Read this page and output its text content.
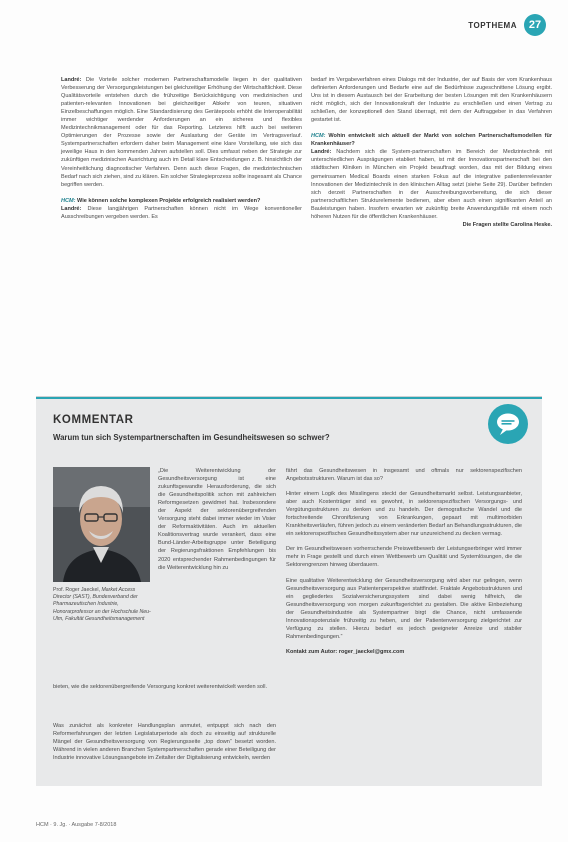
TOPTHEMA	27

Landré: Die Vorteile solcher modernen Partnerschaftsmodelle liegen in der qualitativen Verbesserung der Versorgungsleistungen bei gleichzeitiger Erhöhung der Wirtschaftlichkeit. Diese Qualitätsvorteile entstehen durch die frühzeitige Berücksichtigung von medizinischen und patienten-relevanten Innovationen bei gleichzeitiger Abkehr von teuren, situativen Einzelbeschaffungen möglich. Eine Standardisierung des Gerätepools erhöht die Interoperabilität immer wichtiger werdender Anforderungen an ein sicheres und flexibles Medizintechnikmanagement oder für das Reporting. Letzteres hilft auch bei weiteren Optimierungen der Prozesse sowie der Auslastung der Geräte im Vertragsverlauf. Systempartnerschaften erfordern daher beim Management eine klare Vorstellung, wie sich das jeweilige Haus in den kommenden Jahren aufstellen soll. Dies umfasst neben der Strategie zur zukünftigen medizinischen Ausrichtung auch im Detail klare Entscheidungen z. B. hinsichtlich der Vereinheitlichung diagnostischer Verfahren. Denn auch diese Fragen, die medizintechnischen Bedarf nach sich ziehen, sind zu klären. Ein solcher Strategieprozess sollte insgesamt als Chance begriffen werden.

HCM: Wie können solche komplexen Projekte erfolgreich realisiert werden?

Landré: Diese langjährigen Partnerschaften können nicht im Wege konventioneller Ausschreibungen vergeben werden. Es

bedarf im Vergabeverfahren eines Dialogs mit der Industrie, der auf Basis der vom Krankenhaus definierten Anforderungen und Bedarfe eine auf die Bedürfnisse zugeschnittene Lösung ergibt. Uns ist in diesem Austausch bei der Erarbeitung der besten Lösungen mit den Krankenhäusern nicht möglich, sich der Innovationskraft der Industrie zu erschließen und einen Vertrag zu schließen, der konzeptionell den Stand überragt, mit dem der Auftraggeber in das Verfahren gestartet ist.

HCM: Wohin entwickelt sich aktuell der Markt von solchen Partnerschaftsmodellen für Krankenhäuser?

Landré: Nachdem sich die System-partnerschaften im Bereich der Medizintechnik mit unterschiedlichen Ausprägungen etabliert haben, ist mit der Innovationspartnerschaft bei den städtischen Kliniken in München ein Projekt beauftragt worden, das mit der Bildung eines gemeinsamen Medical Boards einen starken Fokus auf die integrative patientenrelevanter Innovationen der Medizintechnik in den klinischen Alltag setzt (siehe Seite 29). Darüber befinden sich derzeit Partnerschaften in der Ausschreibungsvorbereitung, die sich dieser partnerschaftlichen Strukturelemente bedienen, aber eben auch einen signifikanten Anteil an Bauleistungen haben. Insofern erwarten wir zukünftig breite Anwendungsfälle mit einem noch höheren Nutzen für die öffentlichen Krankenhäuser.

Die Fragen stellte Carolina Heske.

KOMMENTAR
Warum tun sich Systempartnerschaften im Gesundheitswesen so schwer?
Prof. Roger Jaeckel, Market Access Director (SAST), Bundesverband der Pharmazeutischen Industrie, Honorarprofessor an der Hochschule Neu-Ulm, Fakultät Gesundheitsmanagement

„Die Weiterentwicklung der Gesundheitsversorgung ist eine zukunftsgewandte Herausforderung, die sich die Gesundheitspolitik schon mit zahlreichen Reformgesetzen gewidmet hat. Insbesondere der Aspekt der sektorenübergreifenden Versorgung steht dabei immer wieder im Visier der Reformaktivitäten. Auch im aktuellen Koalitionsvertrag wurde verankert, dass eine Bund-Länder-Arbeitsgruppe unter Beteiligung der Regierungsfraktionen Empfehlungen bis 2020 entsprechender Rahmenbedingungen für die Weiterentwicklung hin zu

bieten, wie die sektorenübergreifende Versorgung konkret weiterentwickelt werden soll.

Was zunächst als konkreter Handlungsplan anmutet, entpuppt sich nach den Reformerfahrungen der letzten Legislaturperiode als doch zu einseitig auf strukturelle Mängel der Gesundheitsversorgung von Regierungsseite „top down“ besetzt worden. Während in vielen anderen Branchen Systempartnerschaften gerade einer Beteiligung der Industrie innovative Lösungsangebote im Zeitalter der Digitalisierung entwickeln, werden

fährt das Gesundheitswesen in insgesamt und oftmals nur sektorenspezifischen Angebotsstrukturen. Warum ist das so?

Hinter einem Logik des Misslingens steckt der Gesundheitsmarkt selbst. Leistungsanbieter, aber auch Kostenträger sind es gewohnt, in sektorenspezifischen Versorgungs- und Vergütungsstrukturen zu denken und zu handeln. Der demografische Wandel und die fortschreitende Chronifizierung von Erkrankungen, gepaart mit multimorbiden Krankheitsverläufen, führen jedoch zu einem veränderten Bedarf an Behandlungsstrukturen, die ein sektorenspezifisches Gesundheitssystem aber nur unzureichend zu decken vermag.

Der im Gesundheitswesen vorherrschende Preiswettbewerb der Leistungserbringer wird immer mehr in Frage gestellt und durch einen Wettbewerb um Qualität und Systemlösungen, die die Sektorengrenzen hinweg überdauern.

Eine qualitative Weiterentwicklung der Gesundheitsversorgung wird aber nur gelingen, wenn Gesundheitsversorgung aus Patientenperspektive stattfindet. Fraktale Angebotsstrukturen und ein gegliedertes Sozialversicherungssystem sind dabei wenig hilfreich, die Gesundheitsversorgung von morgen zukunftsgerichtet zu gestalten. Die aktive Einbeziehung der Gesundheitsindustrie als Systempartner birgt die Chance, nicht umfassende Innovationspotenziale frühzeitig zu heben, und der Patientenversorgung zielgerichtet zur Verfügung zu stellen. Hierzu bedarf es jedoch geeigneter Anreize und stabiler Rahmenbedingungen.“

Kontakt zum Autor: roger_jaeckel@gmx.com

HCM · 9. Jg. · Ausgabe 7-8/2018
